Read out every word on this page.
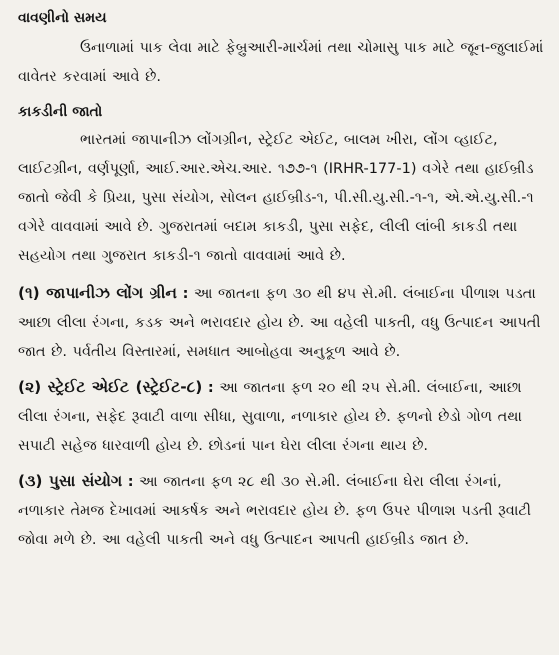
વાવણીનો સમય

ઉનાળામાં પાક લેવા માટે ફેબ્રુઆરી-માર્ચમાં તથા ચોમાસુ પાક માટે જૂન-જુલાઈમાં વાવેતર કરવામાં આવે છે.

કાકડીની જાતો

ભારતમાં જાપાનીઝ લોંગગ્રીન, સ્ટ્રેઈટ એઈટ, બાલમ ખીરા, લોંગ વ્હાઈટ, લાઈટગ્રીન, વર્ણપૂર્ણા, આઈ.આર.એચ.આર. ૧૭૭-૧ (IRHR-177-1) વગેરે તથા હાઈબ્રીડ જાતો જેવી કે પ્રિયા, પુસા સંયોગ, સોલન હાઈબ્રીડ-૧, પી.સી.યુ.સી.-૧-૧, એ.એ.યુ.સી.-૧ વગેરે વાવવામાં આવે છે. ગુજરાતમાં બદામ કાકડી, પુસા સફેદ, લીલી લાંબી કાકડી તથા સહયોગ તથા ગુજરાત કાકડી-૧ જાતો વાવવામાં આવે છે.

(૧) જાપાનીઝ લોંગ ગ્રીન : આ જાતના ફળ ૩૦ થી ૪૫ સે.મી. લંબાઈના પીળાશ પડતા આછા લીલા રંગના, કડક અને ભરાવદાર હોય છે. આ વહેલી પાકતી, વધુ ઉત્પાદન આપતી જાત છે. પર્વતીય વિસ્તારમાં, સમધાત આબોહવા અનુકૂળ આવે છે.

(૨) સ્ટ્રેઈટ એઈટ (સ્ટ્રેઈટ-૮) : આ જાતના ફળ ૨૦ થી ૨૫ સે.મી. લંબાઈના, આછા લીલા રંગના, સફેદ રૂવાટી વાળા સીધા, સુવાળા, નળાકાર હોય છે. ફળનો છેડો ગોળ તથા સપાટી સહેજ ધારવાળી હોય છે. છોડનાં પાન ઘેરા લીલા રંગના થાય છે.

(૩) પુસા સંયોગ : આ જાતના ફળ ૨૮ થી ૩૦ સે.મી. લંબાઈના ઘેરા લીલા રંગનાં, નળાકાર તેમજ દેખાવમાં આકર્ષક અને ભરાવદાર હોય છે. ફળ ઉપર પીળાશ પડતી રૂવાટી જોવા મળે છે. આ વહેલી પાકતી અને વધુ ઉત્પાદન આપતી હાઈબ્રીડ જાત છે.
